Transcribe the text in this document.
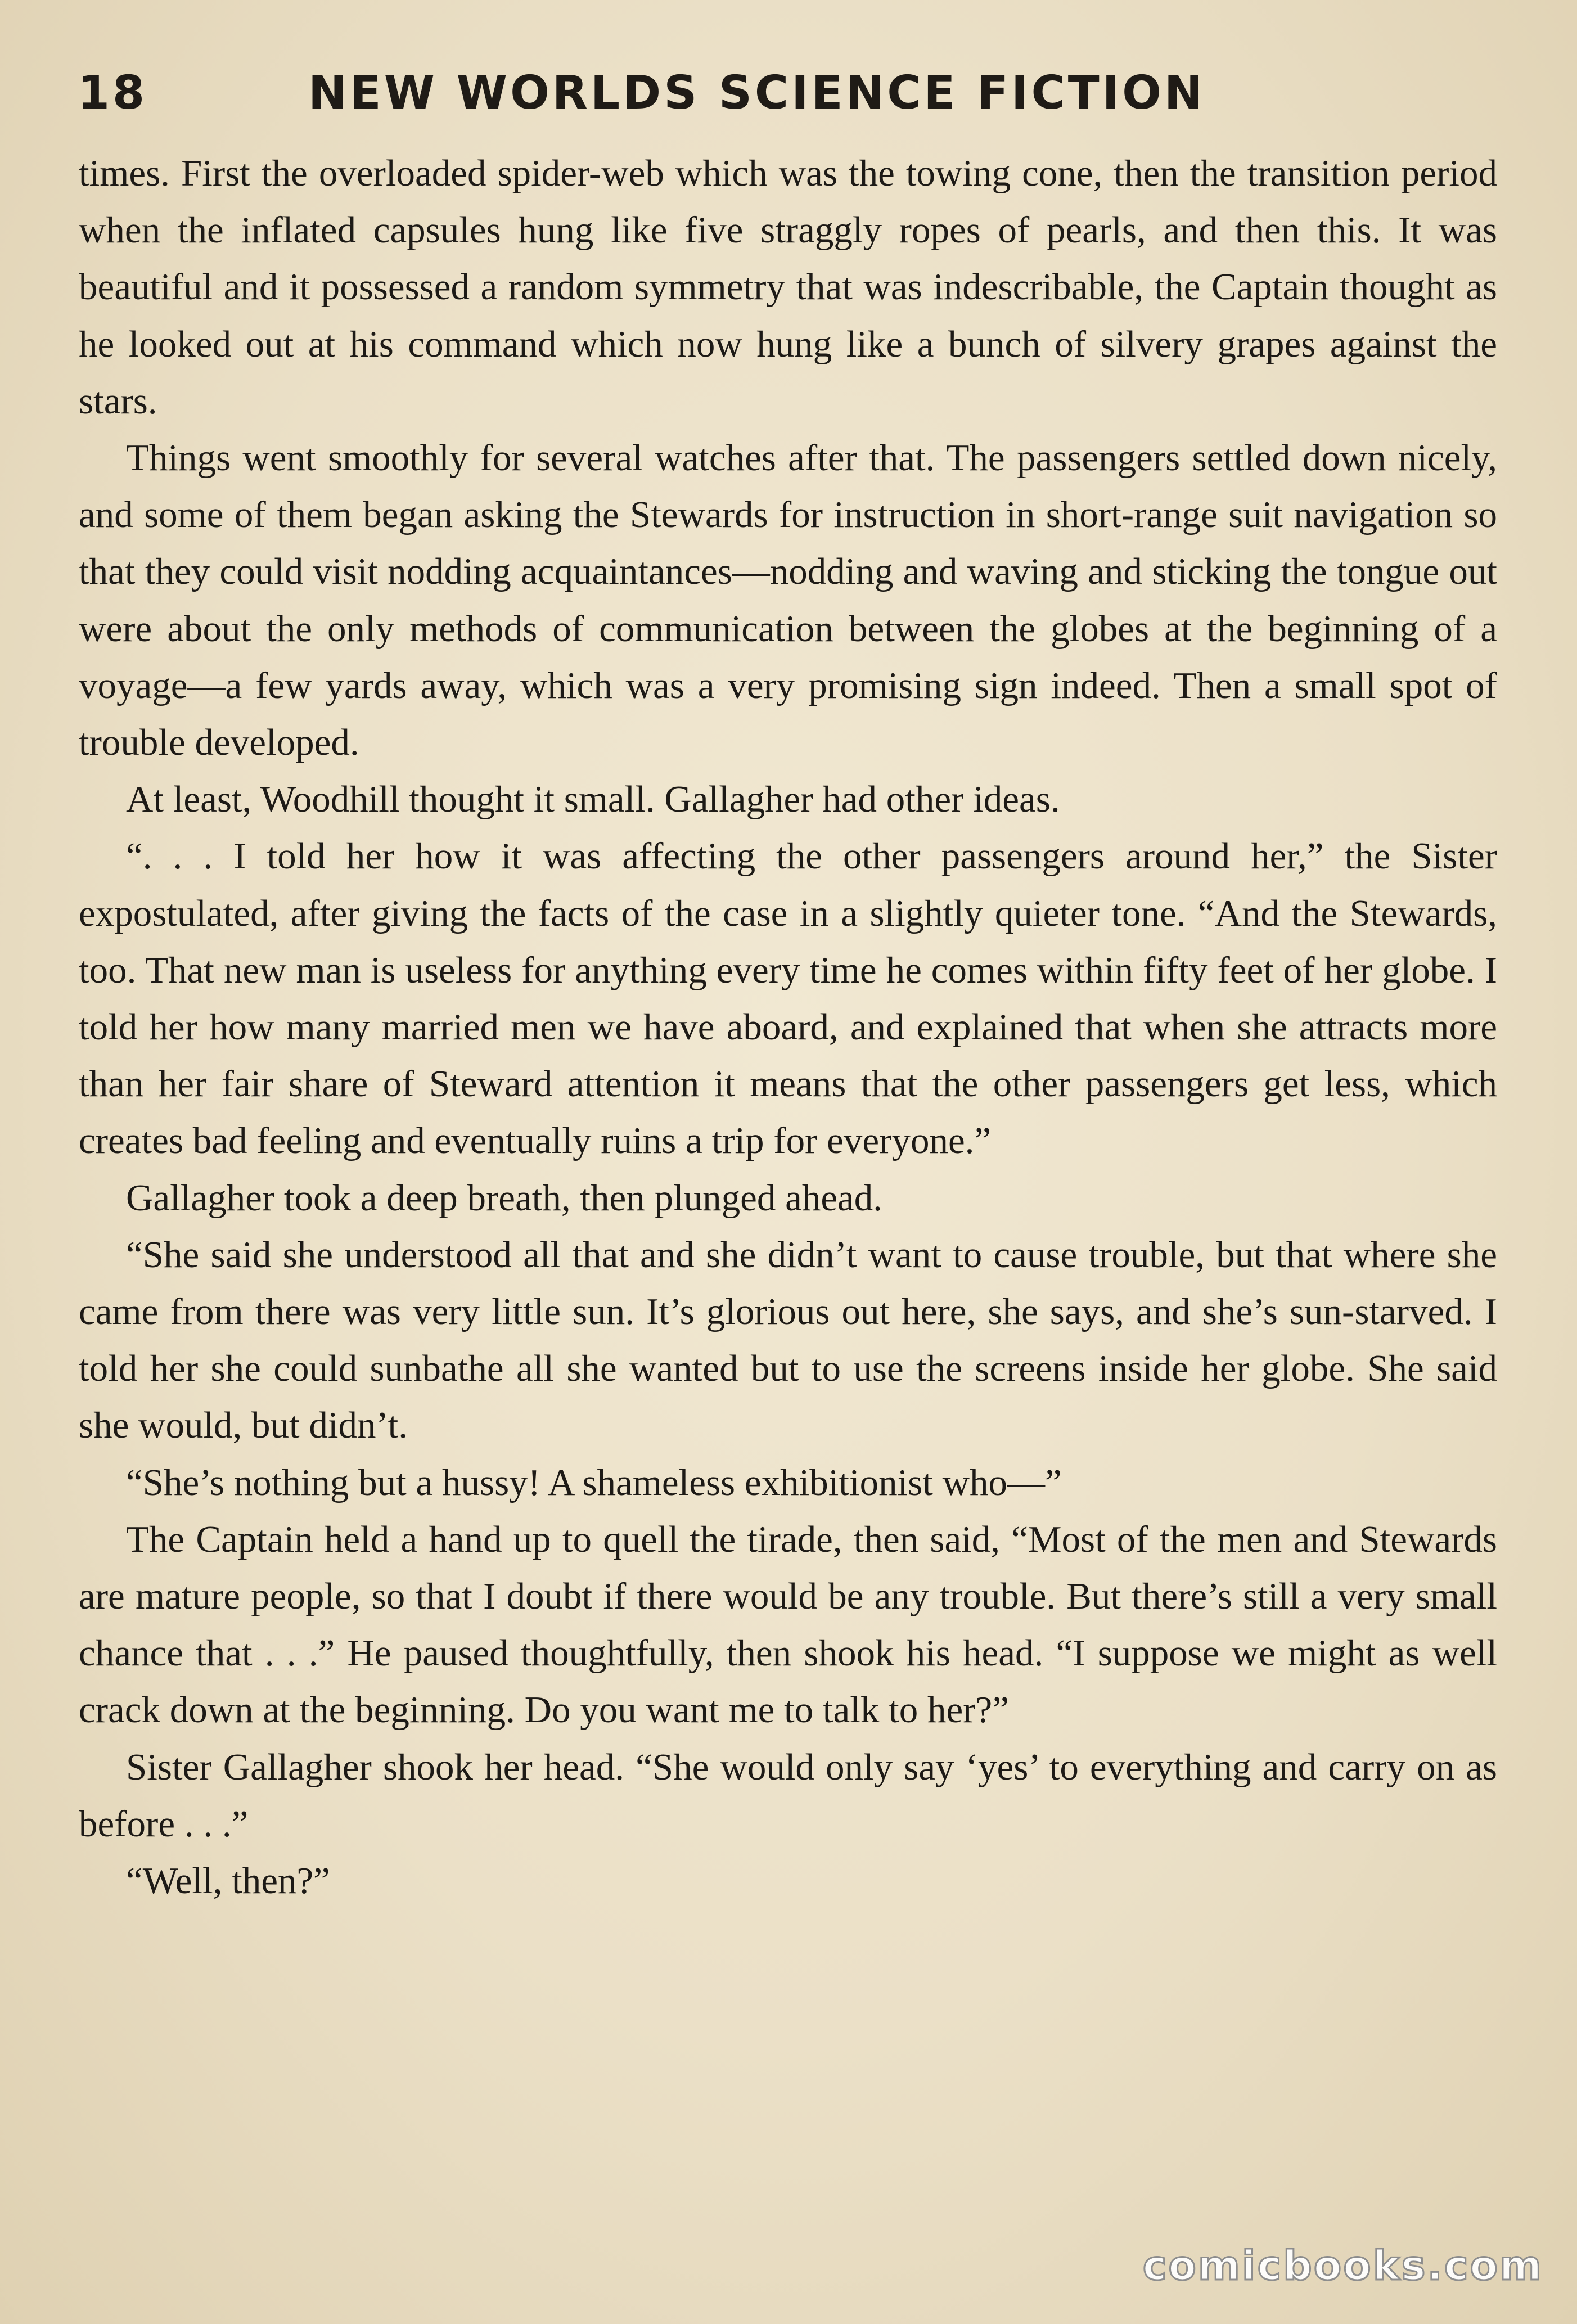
18	NEW WORLDS SCIENCE FICTION

times. First the overloaded spider-web which was the towing cone, then the transition period when the inflated capsules hung like five straggly ropes of pearls, and then this. It was beautiful and it possessed a random symmetry that was indescribable, the Captain thought as he looked out at his command which now hung like a bunch of silvery grapes against the stars.

Things went smoothly for several watches after that. The passengers settled down nicely, and some of them began asking the Stewards for instruction in short-range suit navigation so that they could visit nodding acquaintances—nodding and waving and sticking the tongue out were about the only methods of communication between the globes at the beginning of a voyage—a few yards away, which was a very promising sign indeed. Then a small spot of trouble developed.

At least, Woodhill thought it small. Gallagher had other ideas.

“. . . I told her how it was affecting the other passengers around her,” the Sister expostulated, after giving the facts of the case in a slightly quieter tone. “And the Stewards, too. That new man is useless for anything every time he comes within fifty feet of her globe. I told her how many married men we have aboard, and explained that when she attracts more than her fair share of Steward attention it means that the other passengers get less, which creates bad feeling and eventually ruins a trip for everyone.”

Gallagher took a deep breath, then plunged ahead.

“She said she understood all that and she didn’t want to cause trouble, but that where she came from there was very little sun. It’s glorious out here, she says, and she’s sun-starved. I told her she could sunbathe all she wanted but to use the screens inside her globe. She said she would, but didn’t.

“She’s nothing but a hussy! A shameless exhibitionist who—”

The Captain held a hand up to quell the tirade, then said, “Most of the men and Stewards are mature people, so that I doubt if there would be any trouble. But there’s still a very small chance that . . .” He paused thoughtfully, then shook his head. “I suppose we might as well crack down at the beginning. Do you want me to talk to her?”

Sister Gallagher shook her head. “She would only say ‘yes’ to everything and carry on as before . . .”

“Well, then?”

comicbooks.com
